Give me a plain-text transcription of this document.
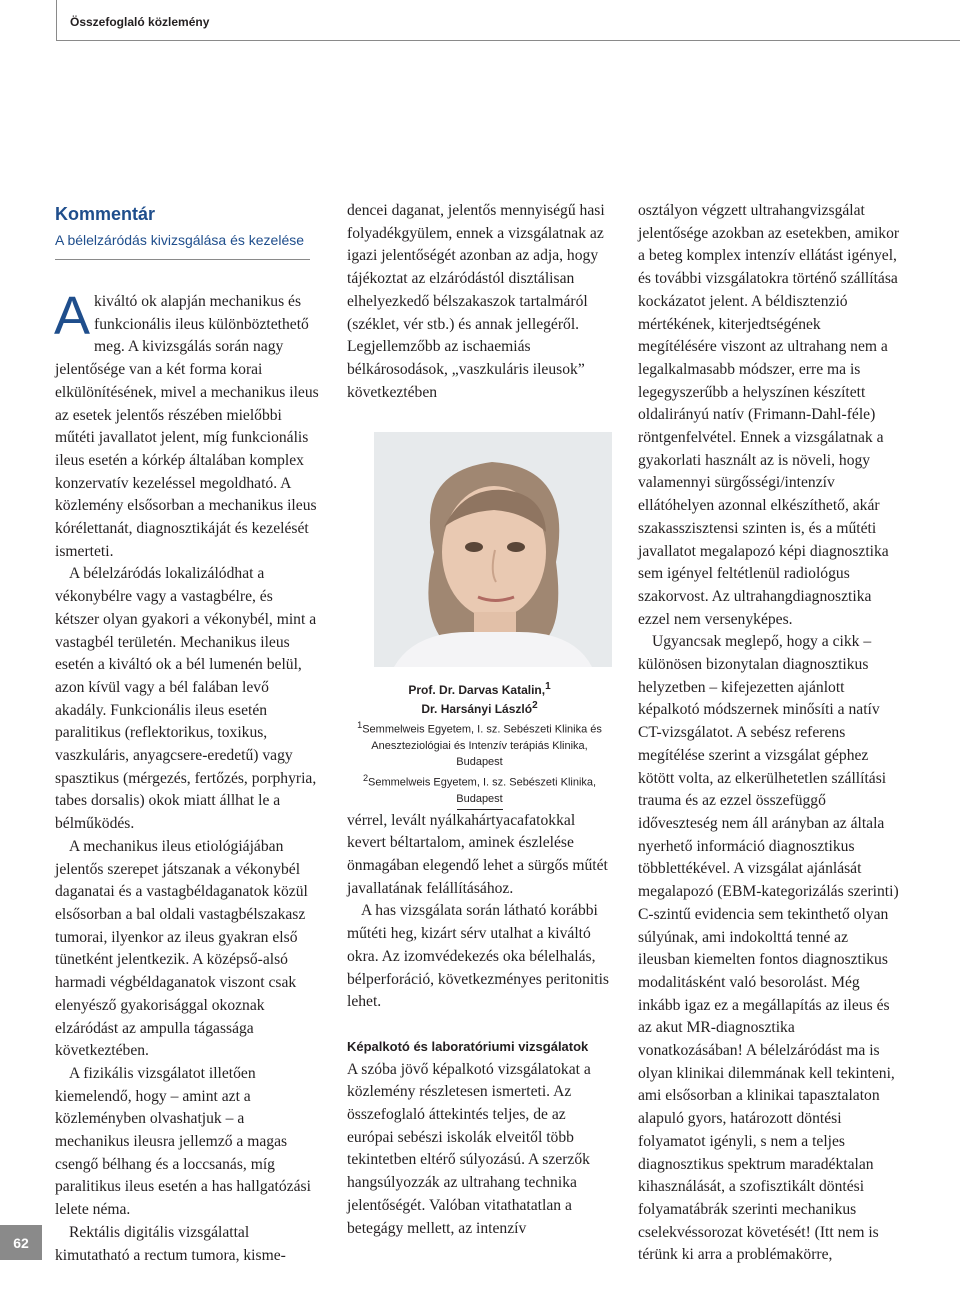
Összefoglaló közlemény
Kommentár
A bélelzáródás kivizsgálása és kezelése

Akiváltó ok alapján mechanikus és funkcionális ileus különböztethető meg. A kivizsgálás során nagy jelentősége van a két forma korai elkülönítésének, mivel a mechanikus ileus az esetek jelentős részében mielőbbi műtéti javallatot jelent, míg funkcionális ileus esetén a kórkép általában komplex konzervatív kezeléssel megoldható. A közlemény elsősorban a mechanikus ileus kórélettanát, diagnosztikáját és kezelését ismerteti.

A bélelzáródás lokalizálódhat a vékonybélre vagy a vastagbélre, és kétszer olyan gyakori a vékonybél, mint a vastagbél területén. Mechanikus ileus esetén a kiváltó ok a bél lumenén belül, azon kívül vagy a bél falában levő akadály. Funkcionális ileus esetén paralitikus (reflektorikus, toxikus, vaszkuláris, anyagcsere-eredetű) vagy spasztikus (mérgezés, fertőzés, porphyria, tabes dorsalis) okok miatt állhat le a bélműködés.

A mechanikus ileus etiológiájában jelentős szerepet játszanak a vékonybél daganatai és a vastagbéldaganatok közül elsősorban a bal oldali vastagbélszakasz tumorai, ilyenkor az ileus gyakran első tünetként jelentkezik. A középső-alsó harmadi végbéldaganatok viszont csak elenyésző gyakorisággal okoznak elzáródást az ampulla tágassága következtében.

A fizikális vizsgálatot illetően kiemelendő, hogy – amint azt a közleményben olvashatjuk – a mechanikus ileusra jellemző a magas csengő bélhang és a loccsanás, míg paralitikus ileus esetén a has hallgatózási lelete néma.

Rektális digitális vizsgálattal kimutatható a rectum tumora, kisme-

dencei daganat, jelentős mennyiségű hasi folyadékgyülem, ennek a vizsgálatnak az igazi jelentőségét azonban az adja, hogy tájékoztat az elzáródástól disztálisan elhelyezkedő bélszakaszok tartalmáról (széklet, vér stb.) és annak jellegéről. Legjellemzőbb az ischaemiás bélkárosodások, „vaszkuláris ileusok” következtében

Prof. Dr. Darvas Katalin,$^1$
Dr. Harsányi László$^2$
$^1$Semmelweis Egyetem, I. sz. Sebészeti Klinika és
Aneszteziológiai és Intenzív terápiás Klinika, Budapest
$^2$Semmelweis Egyetem, I. sz. Sebészeti Klinika,
Budapest

vérrel, levált nyálkahártyacafatokkal kevert béltartalom, aminek észlelése önmagában elegendő lehet a sürgős műtét javallatának felállításához.

A has vizsgálata során látható korábbi műtéti heg, kizárt sérv utalhat a kiváltó okra. Az izomvédekezés oka bélelhalás, bélperforáció, következményes peritonitis lehet.

Képalkotó és laboratóriumi vizsgálatok

A szóba jövő képalkotó vizsgálatokat a közlemény részletesen ismerteti. Az összefoglaló áttekintés teljes, de az európai sebészi iskolák elveitől több tekintetben eltérő súlyozású. A szerzők hangsúlyozzák az ultrahang technika jelentőségét. Valóban vitathatatlan a betegágy mellett, az intenzív

osztályon végzett ultrahangvizsgálat jelentősége azokban az esetekben, amikor a beteg komplex intenzív ellátást igényel, és további vizsgálatokra történő szállítása kockázatot jelent. A béldisztenzió mértékének, kiterjedtségének megítélésére viszont az ultrahang nem a legalkalmasabb módszer, erre ma is legegyszerűbb a helyszínen készített oldalirányú natív (Frimann-Dahl-féle) röntgenfelvétel. Ennek a vizsgálatnak a gyakorlati használt az is növeli, hogy valamennyi sürgősségi/intenzív ellátóhelyen azonnal elkészíthető, akár szakasszisztensi szinten is, és a műtéti javallatot megalapozó képi diagnosztika sem igényel feltétlenül radiológus szakorvost. Az ultrahangdiagnosztika ezzel nem versenyképes.

Ugyancsak meglepő, hogy a cikk – különösen bizonytalan diagnosztikus helyzetben – kifejezetten ajánlott képalkotó módszernek minősíti a natív CT-vizsgálatot. A sebész referens megítélése szerint a vizsgálat géphez kötött volta, az elkerülhetetlen szállítási trauma és az ezzel összefüggő időveszteség nem áll arányban az általa nyerhető információ diagnosztikus többlettékével. A vizsgálat ajánlását megalapozó (EBM-kategorizálás szerinti) C-szintű evidencia sem tekinthető olyan súlyúnak, ami indokolttá tenné az ileusban kiemelten fontos diagnosztikus modalitásként való besorolást. Még inkább igaz ez a megállapítás az ileus és az akut MR-diagnosztika vonatkozásában! A bélelzáródást ma is olyan klinikai dilemmának kell tekinteni, ami elsősorban a klinikai tapasztalaton alapuló gyors, határozott döntési folyamatot igényli, s nem a teljes diagnosztikus spektrum maradéktalan kihasználását, a szofisztikált döntési folyamatábrák szerinti mechanikus cselekvéssorozat követését! (Itt nem is térünk ki arra a problémakörre,

62
